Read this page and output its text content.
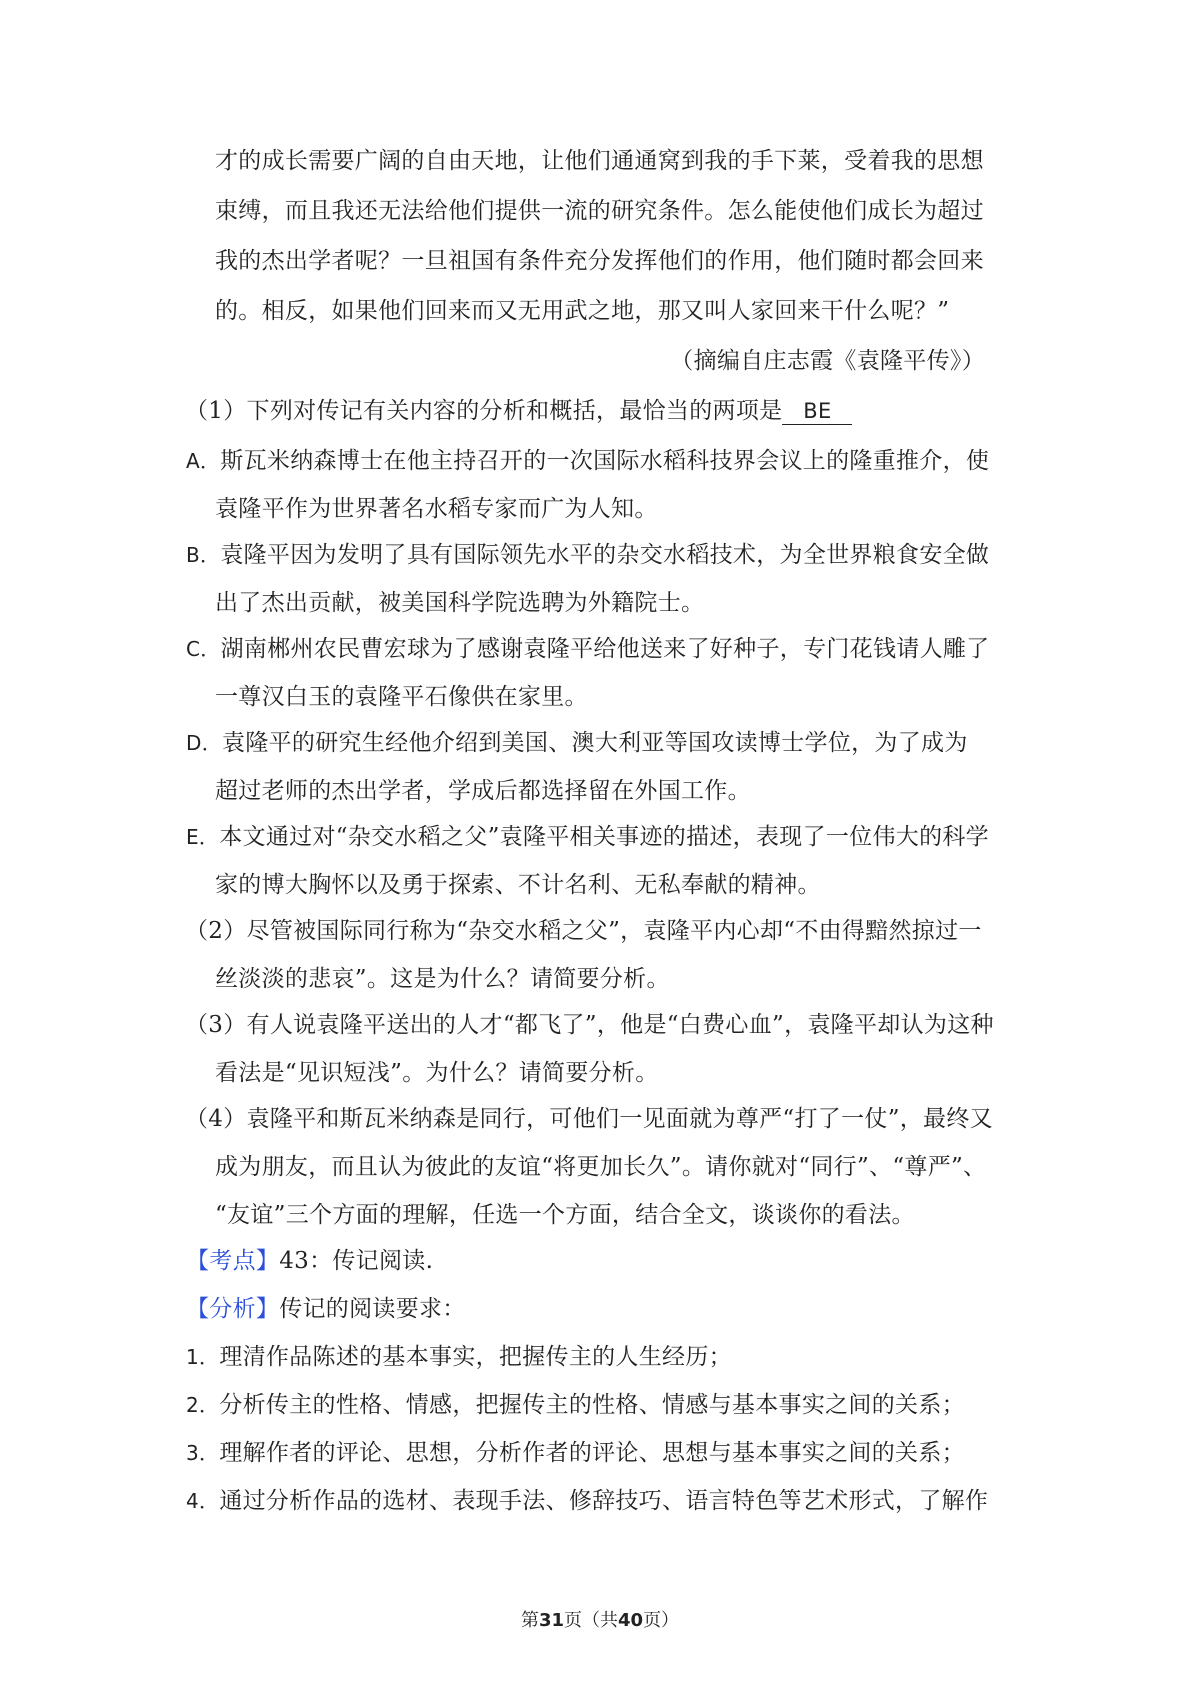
才的成长需要广阔的自由天地，让他们通通窝到我的手下莱，受着我的思想
束缚，而且我还无法给他们提供一流的研究条件。怎么能使他们成长为超过
我的杰出学者呢？一旦祖国有条件充分发挥他们的作用，他们随时都会回来
的。相反，如果他们回来而又无用武之地，那又叫人家回来干什么呢？”
（摘编自庄志霞《袁隆平传》）
（1）下列对传记有关内容的分析和概括，最恰当的两项是 BE
A．斯瓦米纳森博士在他主持召开的一次国际水稻科技界会议上的隆重推介，使
袁隆平作为世界著名水稻专家而广为人知。
B．袁隆平因为发明了具有国际领先水平的杂交水稻技术，为全世界粮食安全做
出了杰出贡献，被美国科学院选聘为外籍院士。
C．湖南郴州农民曹宏球为了感谢袁隆平给他送来了好种子，专门花钱请人雕了
一尊汉白玉的袁隆平石像供在家里。
D．袁隆平的研究生经他介绍到美国、澳大利亚等国攻读博士学位，为了成为
超过老师的杰出学者，学成后都选择留在外国工作。
E．本文通过对“杂交水稻之父”袁隆平相关事迹的描述，表现了一位伟大的科学
家的博大胸怀以及勇于探索、不计名利、无私奉献的精神。
（2）尽管被国际同行称为“杂交水稻之父”，袁隆平内心却“不由得黯然掠过一
丝淡淡的悲哀”。这是为什么？请简要分析。
（3）有人说袁隆平送出的人才“都飞了”，他是“白费心血”，袁隆平却认为这种
看法是“见识短浅”。为什么？请简要分析。
（4）袁隆平和斯瓦米纳森是同行，可他们一见面就为尊严“打了一仗”，最终又
成为朋友，而且认为彼此的友谊“将更加长久”。请你就对“同行”、“尊严”、
“友谊”三个方面的理解，任选一个方面，结合全文，谈谈你的看法。
【考点】43：传记阅读.
【分析】传记的阅读要求：
1．理清作品陈述的基本事实，把握传主的人生经历；
2．分析传主的性格、情感，把握传主的性格、情感与基本事实之间的关系；
3．理解作者的评论、思想，分析作者的评论、思想与基本事实之间的关系；
4．通过分析作品的选材、表现手法、修辞技巧、语言特色等艺术形式，了解作
第31页（共40页）
